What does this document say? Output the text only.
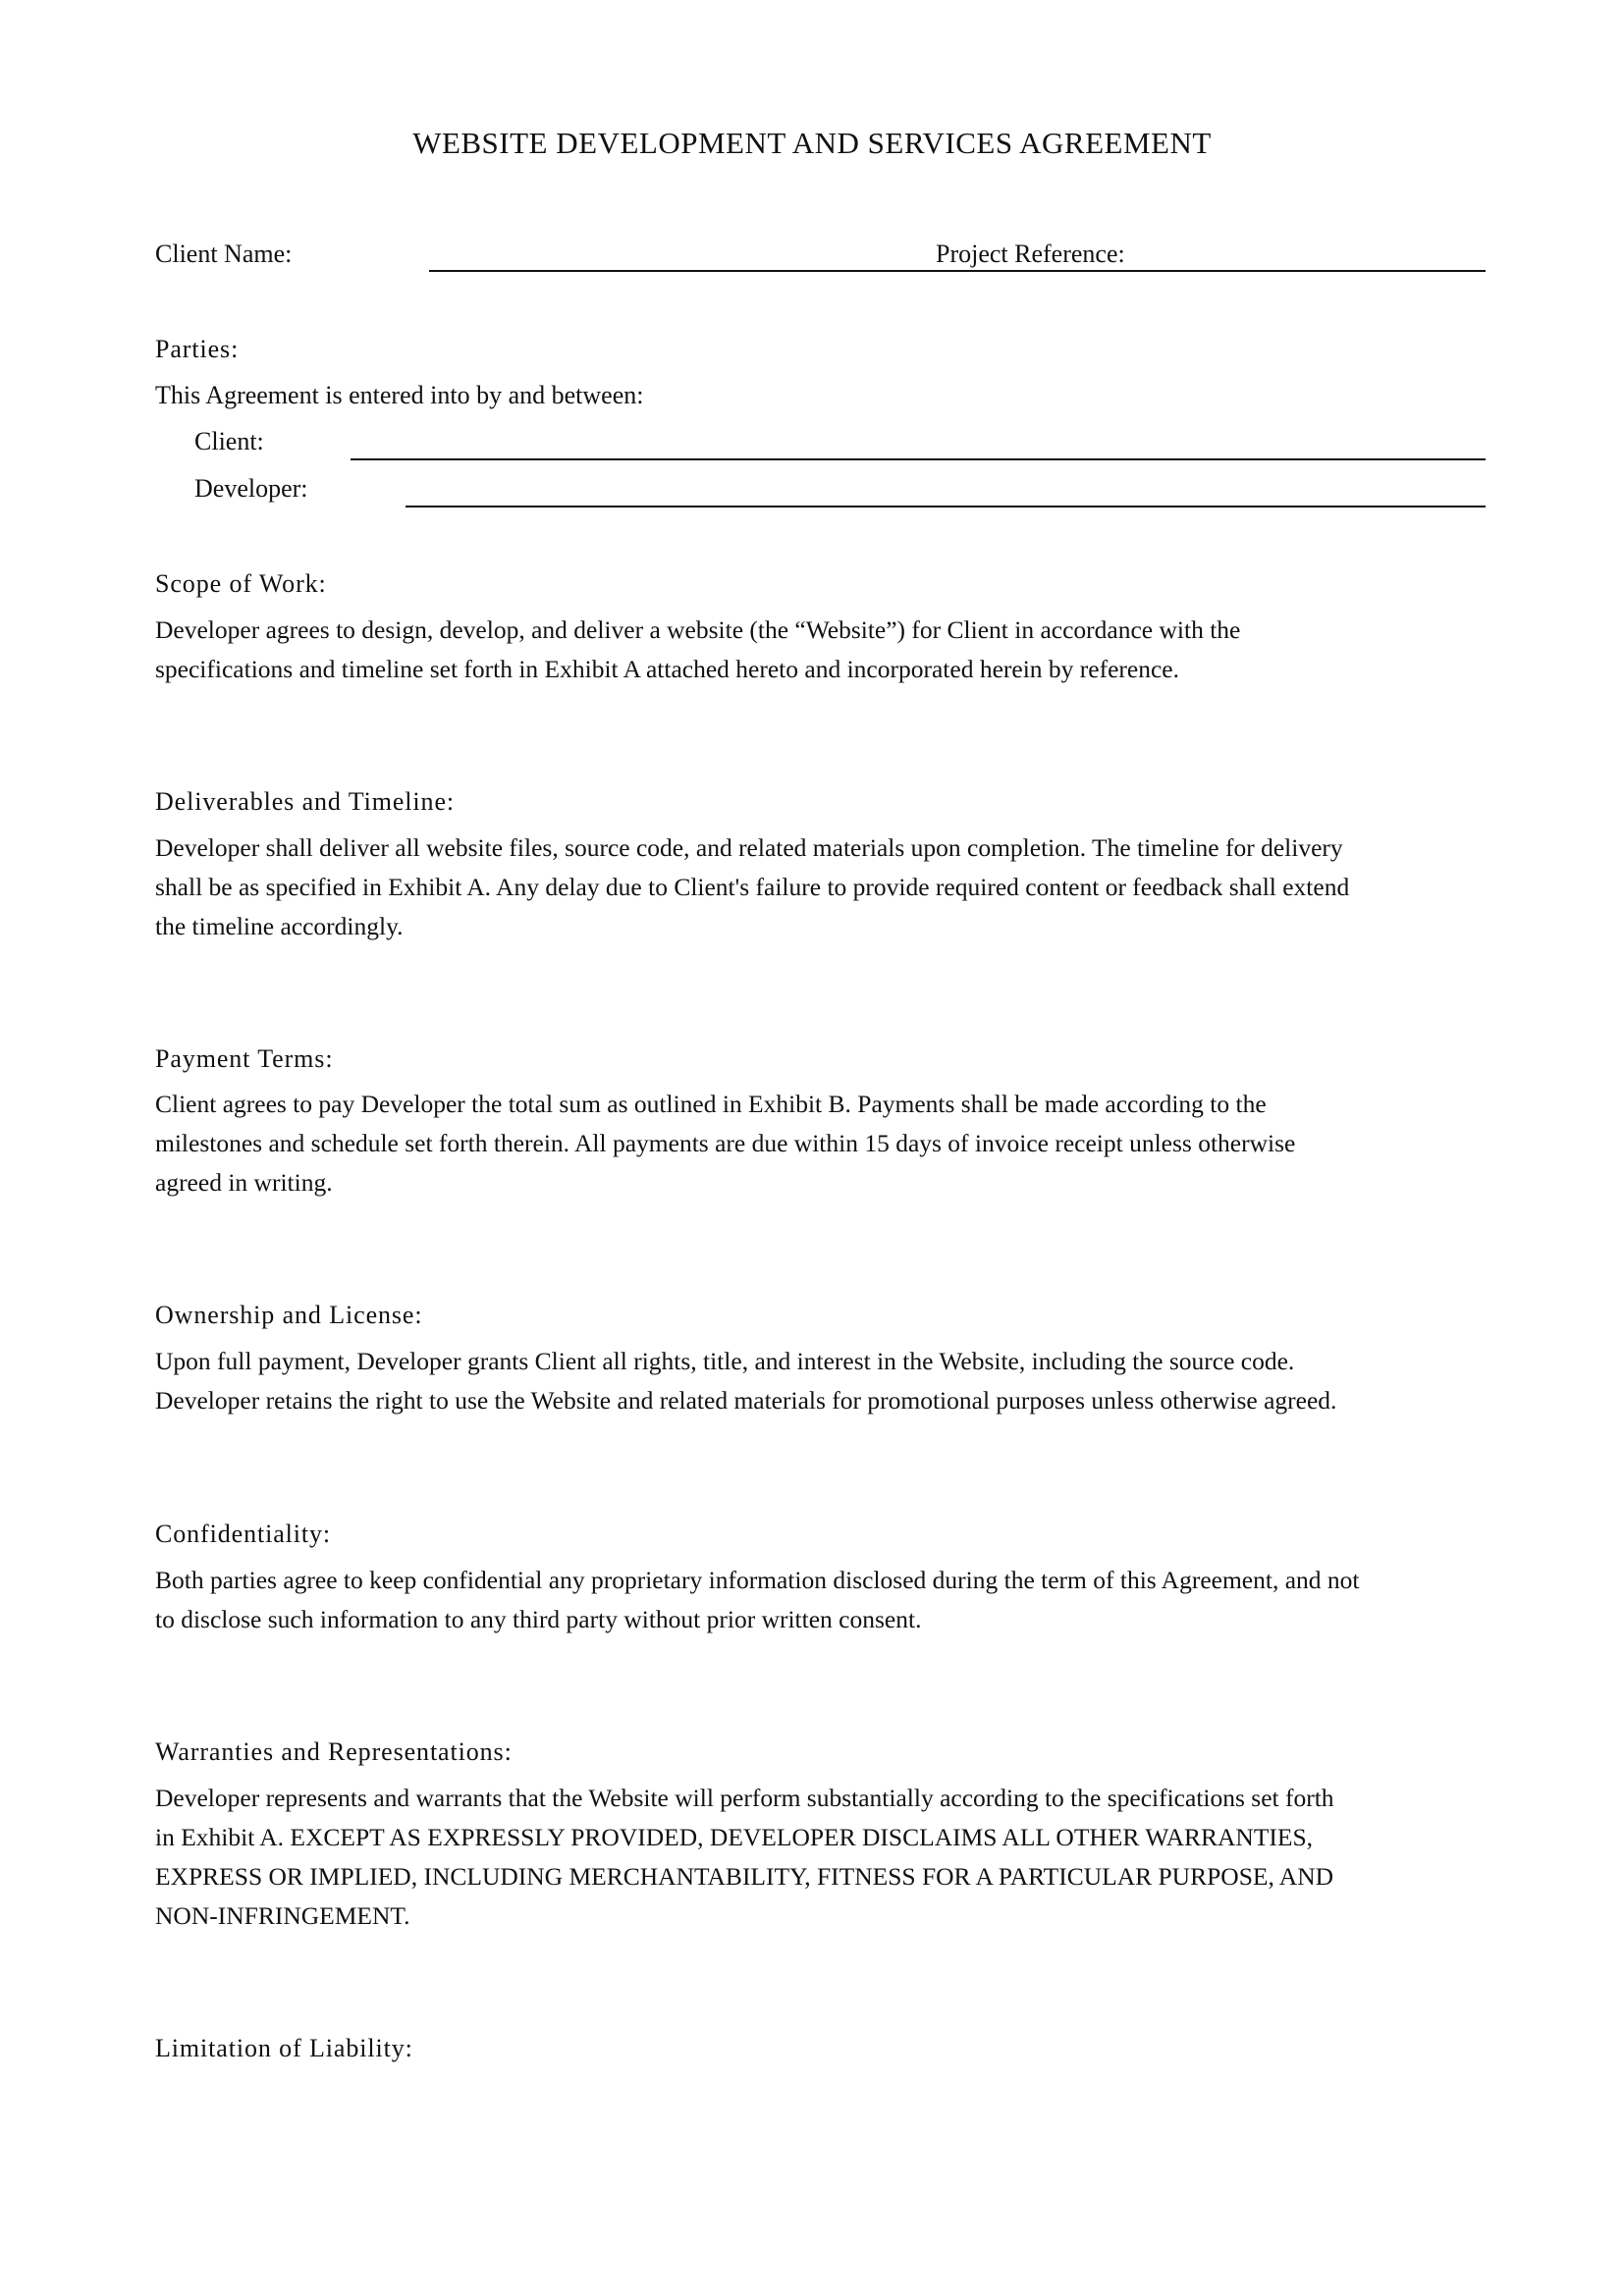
WEBSITE DEVELOPMENT AND SERVICES AGREEMENT
Client Name:	Project Reference:
Parties:
This Agreement is entered into by and between:
Client:
Developer:
Scope of Work:
Developer agrees to design, develop, and deliver a website (the “Website”) for Client in accordance with the
specifications and timeline set forth in Exhibit A attached hereto and incorporated herein by reference.
Deliverables and Timeline:
Developer shall deliver all website files, source code, and related materials upon completion. The timeline for delivery
shall be as specified in Exhibit A. Any delay due to Client's failure to provide required content or feedback shall extend
the timeline accordingly.
Payment Terms:
Client agrees to pay Developer the total sum as outlined in Exhibit B. Payments shall be made according to the
milestones and schedule set forth therein. All payments are due within 15 days of invoice receipt unless otherwise
agreed in writing.
Ownership and License:
Upon full payment, Developer grants Client all rights, title, and interest in the Website, including the source code.
Developer retains the right to use the Website and related materials for promotional purposes unless otherwise agreed.
Confidentiality:
Both parties agree to keep confidential any proprietary information disclosed during the term of this Agreement, and not
to disclose such information to any third party without prior written consent.
Warranties and Representations:
Developer represents and warrants that the Website will perform substantially according to the specifications set forth
in Exhibit A. EXCEPT AS EXPRESSLY PROVIDED, DEVELOPER DISCLAIMS ALL OTHER WARRANTIES,
EXPRESS OR IMPLIED, INCLUDING MERCHANTABILITY, FITNESS FOR A PARTICULAR PURPOSE, AND
NON-INFRINGEMENT.
Limitation of Liability:
